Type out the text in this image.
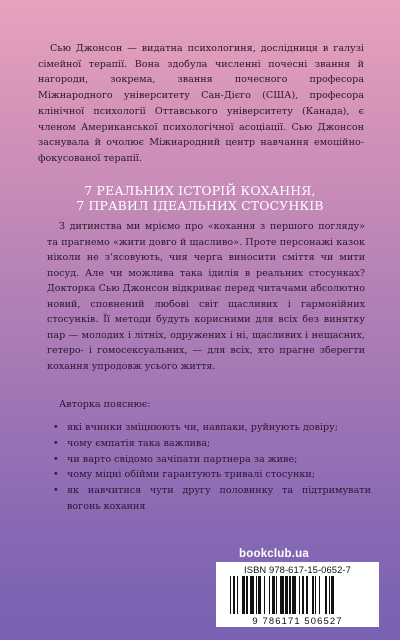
Сью Джонсон — видатна психологиня, дослідниця в галузі сімейної терапії. Вона здобула численні почесні звання й нагороди, зокрема, звання почесного професора Міжнародного університету Сан-Дієго (США), професора клінічної психології Оттавського університету (Канада), є членом Американської психологічної асоціації. Сью Джонсон заснувала й очолює Міжнародний центр навчання емоційно-фокусованої терапії.

7 РЕАЛЬНИХ ІСТОРІЙ КОХАННЯ,
7 ПРАВИЛ ІДЕАЛЬНИХ СТОСУНКІВ

З дитинства ми мріємо про «кохання з першого погляду» та прагнемо «жити довго й щасливо». Проте персонажі казок ніколи не з'ясовують, чия черга виносити сміття чи мити посуд. Але чи можлива така ідилія в реальних стосунках? Докторка Сью Джонсон відкриває перед читачами абсолютно новий, сповнений любові світ щасливих і гармонійних стосунків. Її методи будуть корисними для всіх без винятку пар — молодих і літніх, одружених і ні, щасливих і нещасних, гетеро- і гомосексуальних, — для всіх, хто прагне зберегти кохання упродовж усього життя.

Авторка пояснює:
• які вчинки зміцнюють чи, навпаки, руйнують довіру;
• чому ємпатія така важлива;
• чи варто свідомо зачіпати партнера за живе;
• чому міцні обійми гарантують тривалі стосунки;
• як навчитися чути другу половинку та підтримувати вогонь кохання
bookclub.ua
ISBN 978-617-15-0652-7
9 786171 506527
